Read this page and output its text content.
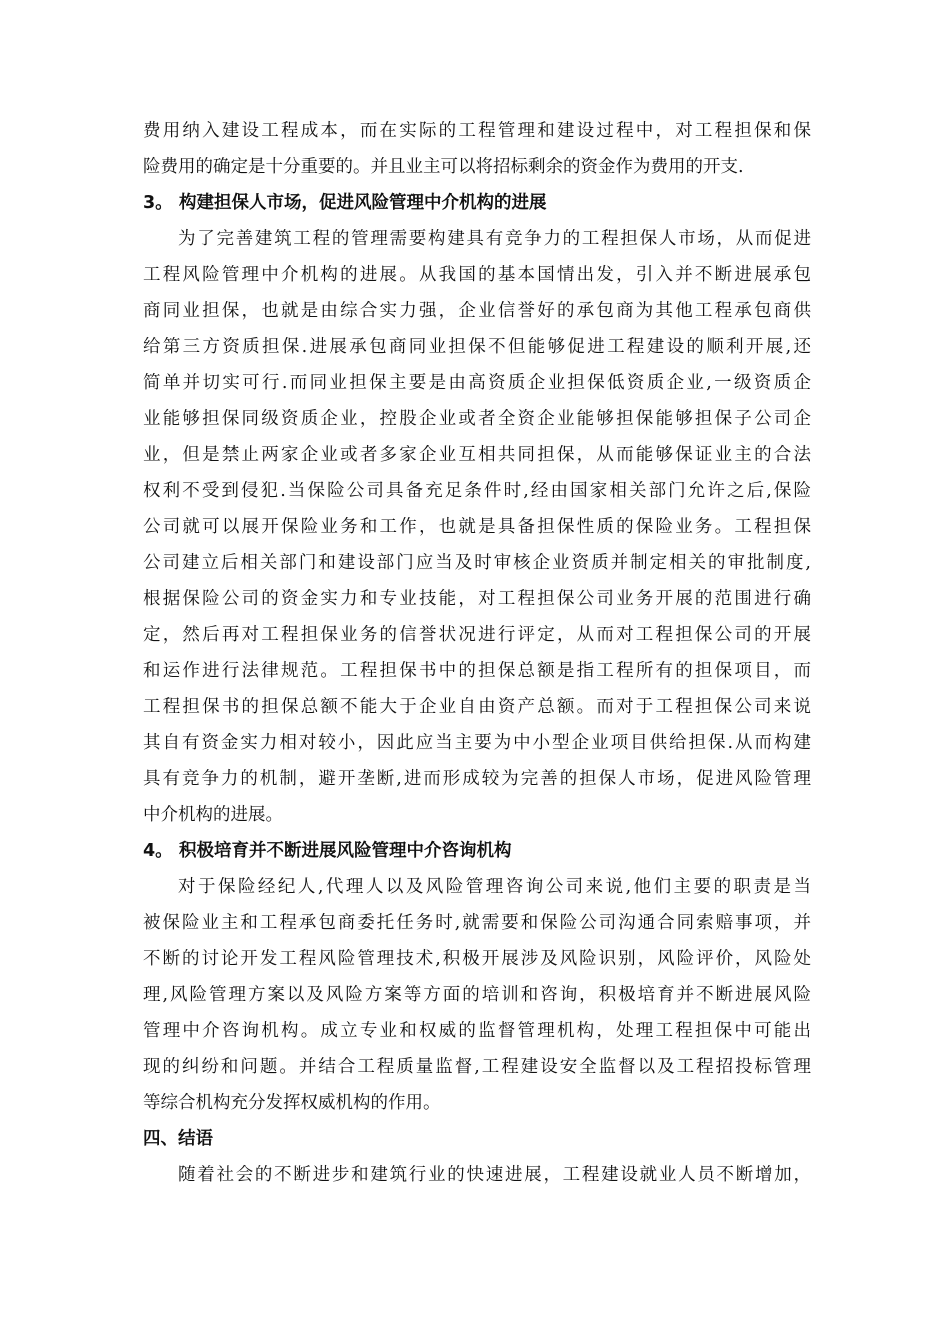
费用纳入建设工程成本，而在实际的工程管理和建设过程中，对工程担保和保
险费用的确定是十分重要的。并且业主可以将招标剩余的资金作为费用的开支.
3。 构建担保人市场，促进风险管理中介机构的进展
为了完善建筑工程的管理需要构建具有竞争力的工程担保人市场，从而促进
工程风险管理中介机构的进展。从我国的基本国情出发，引入并不断进展承包
商同业担保，也就是由综合实力强，企业信誉好的承包商为其他工程承包商供
给第三方资质担保.进展承包商同业担保不但能够促进工程建设的顺利开展,还
简单并切实可行.而同业担保主要是由高资质企业担保低资质企业,一级资质企
业能够担保同级资质企业，控股企业或者全资企业能够担保能够担保子公司企
业，但是禁止两家企业或者多家企业互相共同担保，从而能够保证业主的合法
权利不受到侵犯.当保险公司具备充足条件时,经由国家相关部门允许之后,保险
公司就可以展开保险业务和工作，也就是具备担保性质的保险业务。工程担保
公司建立后相关部门和建设部门应当及时审核企业资质并制定相关的审批制度,
根据保险公司的资金实力和专业技能，对工程担保公司业务开展的范围进行确
定，然后再对工程担保业务的信誉状况进行评定，从而对工程担保公司的开展
和运作进行法律规范。工程担保书中的担保总额是指工程所有的担保项目，而
工程担保书的担保总额不能大于企业自由资产总额。而对于工程担保公司来说
其自有资金实力相对较小，因此应当主要为中小型企业项目供给担保.从而构建
具有竞争力的机制，避开垄断,进而形成较为完善的担保人市场，促进风险管理
中介机构的进展。
4。 积极培育并不断进展风险管理中介咨询机构
对于保险经纪人,代理人以及风险管理咨询公司来说,他们主要的职责是当
被保险业主和工程承包商委托任务时,就需要和保险公司沟通合同索赔事项，并
不断的讨论开发工程风险管理技术,积极开展涉及风险识别，风险评价，风险处
理,风险管理方案以及风险方案等方面的培训和咨询，积极培育并不断进展风险
管理中介咨询机构。成立专业和权威的监督管理机构，处理工程担保中可能出
现的纠纷和问题。并结合工程质量监督,工程建设安全监督以及工程招投标管理
等综合机构充分发挥权威机构的作用。
四、结语
随着社会的不断进步和建筑行业的快速进展，工程建设就业人员不断增加，
